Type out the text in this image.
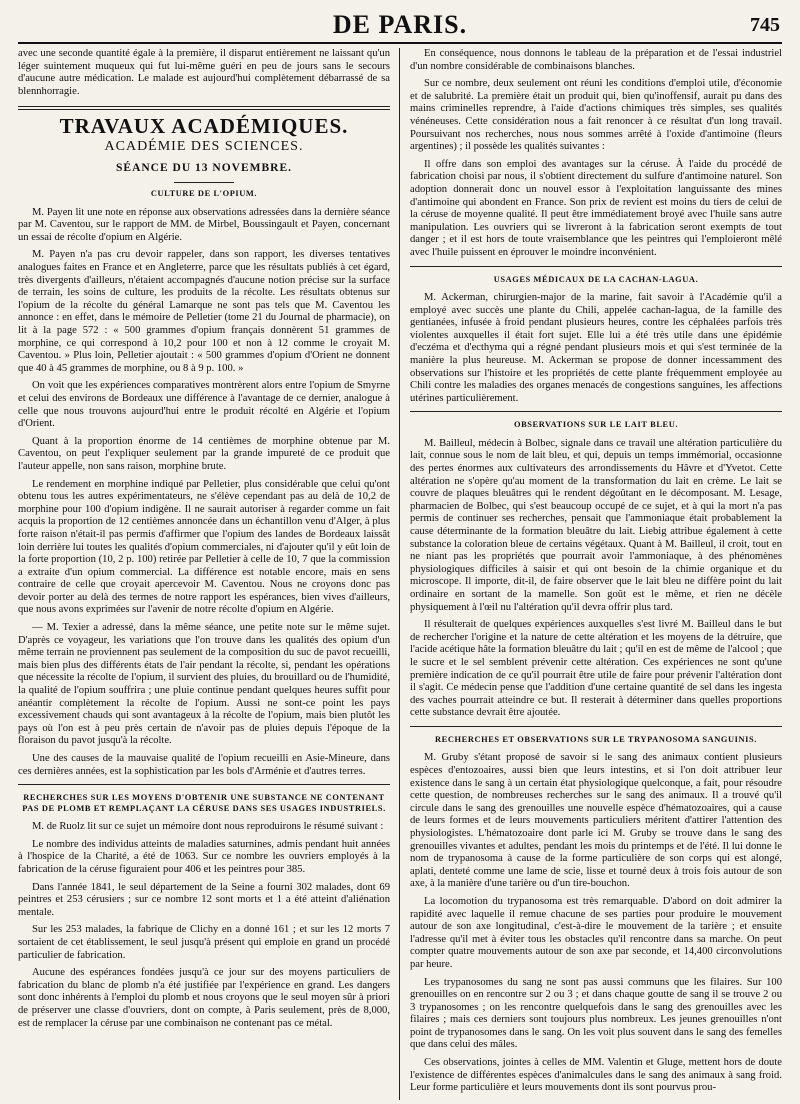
DE PARIS.	745

avec une seconde quantité égale à la première, il disparut entièrement ne laissant qu'un léger suintement muqueux qui fut lui-même guéri en peu de jours sans le secours d'aucune autre médication. Le malade est aujourd'hui complètement débarrassé de sa blennhorragie.

TRAVAUX ACADÉMIQUES.
ACADÉMIE DES SCIENCES.
SÉANCE DU 13 NOVEMBRE.
CULTURE DE L'OPIUM.

M. Payen lit une note en réponse aux observations adressées dans la dernière séance par M. Caventou, sur le rapport de MM. de Mirbel, Boussingault et Payen, concernant un essai de récolte d'opium en Algérie.

M. Payen n'a pas cru devoir rappeler, dans son rapport, les diverses tentatives analogues faites en France et en Angleterre, parce que les résultats publiés à cet égard, très divergents d'ailleurs, n'étaient accompagnés d'aucune notion précise sur la surface de terrain, les soins de culture, les produits de la récolte. Les résultats obtenus sur l'opium de la récolte du général Lamarque ne sont pas tels que M. Caventou les annonce : en effet, dans le mémoire de Pelletier (tome 21 du Journal de pharmacie), on lit à la page 572 : « 500 grammes d'opium français donnèrent 51 grammes de morphine, ce qui correspond à 10,2 pour 100 et non à 12 comme le croyait M. Caventou. » Plus loin, Pelletier ajoutait : « 500 grammes d'opium d'Orient ne donnent que 40 à 45 grammes de morphine, ou 8 à 9 p. 100. »

On voit que les expériences comparatives montrèrent alors entre l'opium de Smyrne et celui des environs de Bordeaux une différence à l'avantage de ce dernier, analogue à celle que nous trouvons aujourd'hui entre le produit récolté en Algérie et l'opium d'Orient.

Quant à la proportion énorme de 14 centièmes de morphine obtenue par M. Caventou, on peut l'expliquer seulement par la grande impureté de ce produit que l'auteur appelle, non sans raison, morphine brute.

Le rendement en morphine indiqué par Pelletier, plus considérable que celui qu'ont obtenu tous les autres expérimentateurs, ne s'élève cependant pas au delà de 10,2 de morphine pour 100 d'opium indigène. Il ne saurait autoriser à regarder comme un fait acquis la proportion de 12 centièmes annoncée dans un échantillon venu d'Alger, à plus forte raison n'était-il pas permis d'affirmer que l'opium des landes de Bordeaux laissât loin derrière lui toutes les qualités d'opium commerciales, ni d'ajouter qu'il y eût loin de la forte proportion (10, 2 p. 100) retirée par Pelletier à celle de 10, 7 que la commission a extraite d'un opium commercial. La différence est notable encore, mais en sens contraire de celle que croyait apercevoir M. Caventou. Nous ne croyons donc pas devoir porter au delà des termes de notre rapport les espérances, bien vives d'ailleurs, que nous avons exprimées sur l'avenir de notre récolte d'opium en Algérie.

— M. Texier a adressé, dans la même séance, une petite note sur le même sujet. D'après ce voyageur, les variations que l'on trouve dans les qualités des opium d'un même terrain ne proviennent pas seulement de la composition du suc de pavot recueilli, mais bien plus des différents états de l'air pendant la récolte, si, pendant les opérations que nécessite la récolte de l'opium, il survient des pluies, du brouillard ou de l'humidité, la qualité de l'opium souffrira ; une pluie continue pendant quelques heures suffit pour anéantir complètement la récolte de l'opium. Aussi ne sont-ce point les pays excessivement chauds qui sont avantageux à la récolte de l'opium, mais bien plutôt les pays où l'on est à peu près certain de n'avoir pas de pluies depuis l'époque de la floraison du pavot jusqu'à la récolte.

Une des causes de la mauvaise qualité de l'opium recueilli en Asie-Mineure, dans ces dernières années, est la sophistication par les bols d'Arménie et d'autres terres.

RECHERCHES SUR LES MOYENS D'OBTENIR UNE SUBSTANCE NE CONTENANT PAS DE PLOMB ET REMPLAÇANT LA CÉRUSE DANS SES USAGES INDUSTRIELS.

M. de Ruolz lit sur ce sujet un mémoire dont nous reproduirons le résumé suivant :

Le nombre des individus atteints de maladies saturnines, admis pendant huit années à l'hospice de la Charité, a été de 1063. Sur ce nombre les ouvriers employés à la fabrication de la céruse figuraient pour 406 et les peintres pour 385.

Dans l'année 1841, le seul département de la Seine a fourni 302 malades, dont 69 peintres et 253 cérusiers ; sur ce nombre 12 sont morts et 1 a été atteint d'aliénation mentale.

Sur les 253 malades, la fabrique de Clichy en a donné 161 ; et sur les 12 morts 7 sortaient de cet établissement, le seul jusqu'à présent qui emploie en grand un procédé particulier de fabrication.

Aucune des espérances fondées jusqu'à ce jour sur des moyens particuliers de fabrication du blanc de plomb n'a été justifiée par l'expérience en grand. Les dangers sont donc inhérents à l'emploi du plomb et nous croyons que le seul moyen sûr à priori de préserver une classe d'ouvriers, dont on compte, à Paris seulement, près de 8,000, est de remplacer la céruse par une combinaison ne contenant pas ce métal.

En conséquence, nous donnons le tableau de la préparation et de l'essai industriel d'un nombre considérable de combinaisons blanches.

Sur ce nombre, deux seulement ont réuni les conditions d'emploi utile, d'économie et de salubrité. La première était un produit qui, bien qu'inoffensif, aurait pu dans des mains criminelles reprendre, à l'aide d'actions chimiques très simples, ses qualités vénéneuses. Cette considération nous a fait renoncer à ce résultat d'un long travail. Poursuivant nos recherches, nous nous sommes arrêté à l'oxide d'antimoine (fleurs argentines) ; il possède les qualités suivantes :

Il offre dans son emploi des avantages sur la céruse. À l'aide du procédé de fabrication choisi par nous, il s'obtient directement du sulfure d'antimoine naturel. Son adoption donnerait donc un nouvel essor à l'exploitation languissante des mines d'antimoine qui abondent en France. Son prix de revient est moins du tiers de celui de la céruse de moyenne qualité. Il peut être immédiatement broyé avec l'huile sans autre manipulation. Les ouvriers qui se livreront à la fabrication seront exempts de tout danger ; et il est hors de toute vraisemblance que les peintres qui l'emploieront mêlé avec l'huile puissent en éprouver le moindre inconvénient.

USAGES MÉDICAUX DE LA CACHAN-LAGUA.

M. Ackerman, chirurgien-major de la marine, fait savoir à l'Académie qu'il a employé avec succès une plante du Chili, appelée cachan-lagua, de la famille des gentianées, infusée à froid pendant plusieurs heures, contre les céphalées parfois très violentes auxquelles il était fort sujet. Elle lui a été très utile dans une épidémie d'eczéma et d'ecthyma qui a régné pendant plusieurs mois et qui s'est terminée de la manière la plus heureuse. M. Ackerman se propose de donner incessamment des observations sur l'histoire et les propriétés de cette plante fréquemment employée au Chili contre les maladies des organes menacés de congestions sanguines, les affections utérines particulièrement.

OBSERVATIONS SUR LE LAIT BLEU.

M. Bailleul, médecin à Bolbec, signale dans ce travail une altération particulière du lait, connue sous le nom de lait bleu, et qui, depuis un temps immémorial, occasionne des pertes énormes aux cultivateurs des arrondissements du Hâvre et d'Yvetot. Cette altération ne s'opère qu'au moment de la transformation du lait en crème. Le lait se couvre de plaques bleuâtres qui le rendent dégoûtant en le décomposant. M. Lesage, pharmacien de Bolbec, qui s'est beaucoup occupé de ce sujet, et à qui la mort n'a pas permis de continuer ses recherches, pensait que l'ammoniaque était probablement la cause déterminante de la formation bleuâtre du lait. Liebig attribue également à cette substance la coloration bleue de certains végétaux. Quant à M. Bailleul, il croit, tout en ne niant pas les propriétés que pourrait avoir l'ammoniaque, à des phénomènes physiologiques difficiles à saisir et qui ont besoin de la chimie organique et du microscope. Il importe, dit-il, de faire observer que le lait bleu ne diffère point du lait ordinaire en sortant de la mamelle. Son goût est le même, et rien ne décèle physiquement à l'œil nu l'altération qu'il devra offrir plus tard.

Il résulterait de quelques expériences auxquelles s'est livré M. Bailleul dans le but de rechercher l'origine et la nature de cette altération et les moyens de la détruire, que l'acide acétique hâte la formation bleuâtre du lait ; qu'il en est de même de l'alcool ; que le sucre et le sel semblent prévenir cette altération. Ces expériences ne sont qu'une première indication de ce qu'il pourrait être utile de faire pour prévenir l'altération dont il s'agit. Ce médecin pense que l'addition d'une certaine quantité de sel dans les ingesta des vaches pourrait atteindre ce but. Il resterait à déterminer dans quelles proportions cette substance devrait être ajoutée.

RECHERCHES ET OBSERVATIONS SUR LE TRYPANOSOMA SANGUINIS.

M. Gruby s'étant proposé de savoir si le sang des animaux contient plusieurs espèces d'entozoaires, aussi bien que leurs intestins, et si l'on doit attribuer leur existence dans le sang à un certain état physiologique quelconque, a fait, pour résoudre cette question, de nombreuses recherches sur le sang des animaux. Il a trouvé qu'il circule dans le sang des grenouilles une nouvelle espèce d'hématozoaires, qui a cause de leurs formes et de leurs mouvements particuliers méritent d'attirer l'attention des physiologistes. L'hématozoaire dont parle ici M. Gruby se trouve dans le sang des grenouilles vivantes et adultes, pendant les mois du printemps et de l'été. Il lui donne le nom de trypanosoma à cause de la forme particulière de son corps qui est alongé, aplati, denteté comme une lame de scie, lisse et tourné deux à trois fois autour de son axe, à la manière d'une tarière ou d'un tire-bouchon.

La locomotion du trypanosoma est très remarquable. D'abord on doit admirer la rapidité avec laquelle il remue chacune de ses parties pour produire le mouvement autour de son axe longitudinal, c'est-à-dire le mouvement de la tarière ; et ensuite l'adresse qu'il met à éviter tous les obstacles qu'il rencontre dans sa marche. On peut compter quatre mouvements autour de son axe par seconde, et 14,400 circonvolutions par heure.

Les trypanosomes du sang ne sont pas aussi communs que les filaires. Sur 100 grenouilles on en rencontre sur 2 ou 3 ; et dans chaque goutte de sang il se trouve 2 ou 3 trypanosomes ; on les rencontre quelquefois dans le sang des grenouilles avec les filaires ; mais ces derniers sont toujours plus nombreux. Les jeunes grenouilles n'ont point de trypanosomes dans le sang. On les voit plus souvent dans le sang des femelles que dans celui des mâles.

Ces observations, jointes à celles de MM. Valentin et Gluge, mettent hors de doute l'existence de différentes espèces d'animalcules dans le sang des animaux à sang froid. Leur forme particulière et leurs mouvements dont ils sont pourvus prou-
